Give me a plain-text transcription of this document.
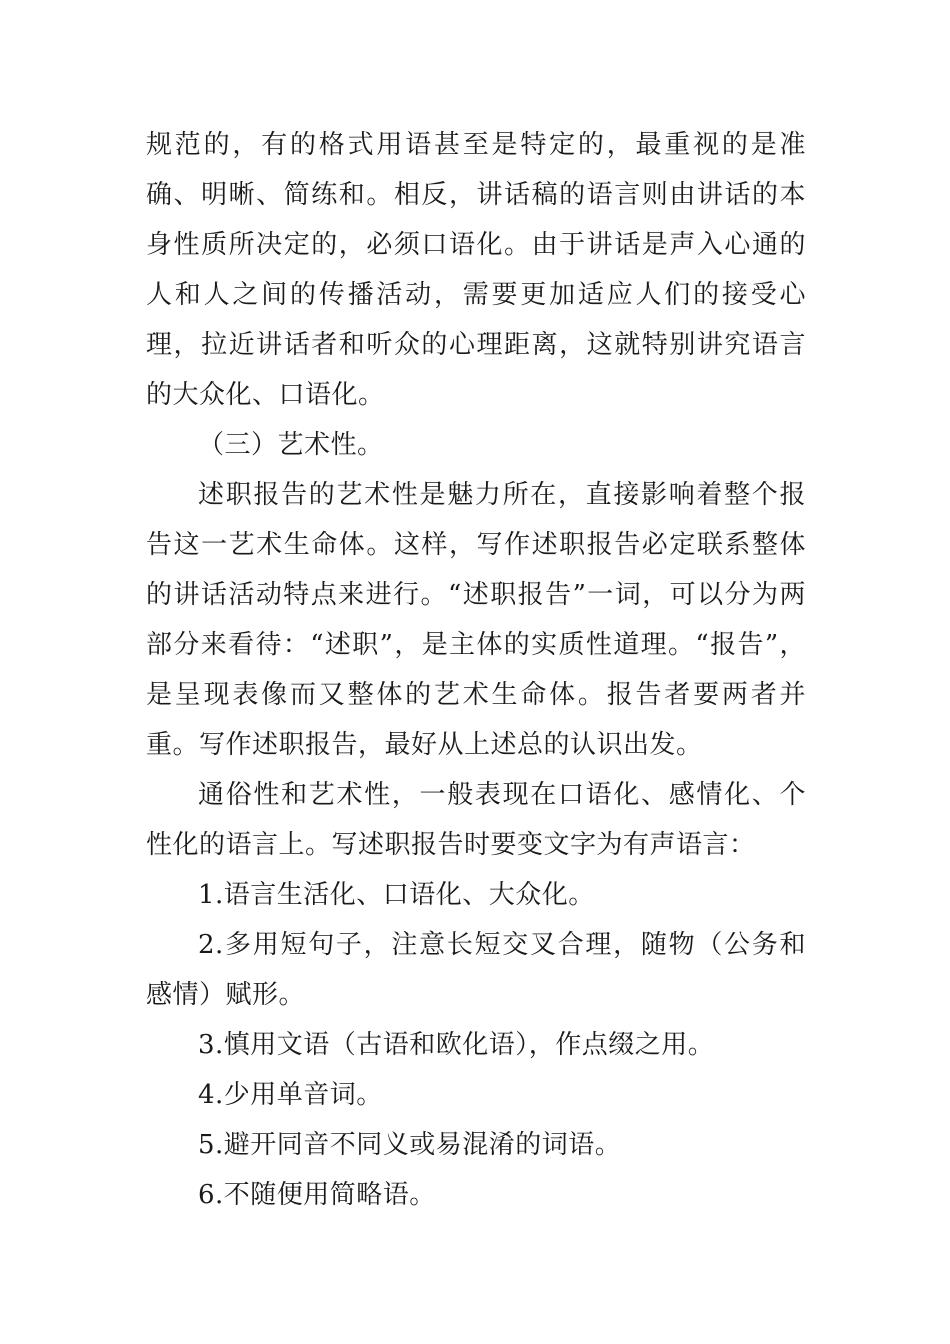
规范的，有的格式用语甚至是特定的，最重视的是准确、明晰、简练和。相反，讲话稿的语言则由讲话的本身性质所决定的，必须口语化。由于讲话是声入心通的人和人之间的传播活动，需要更加适应人们的接受心理，拉近讲话者和听众的心理距离，这就特别讲究语言的大众化、口语化。

（三）艺术性。

述职报告的艺术性是魅力所在，直接影响着整个报告这一艺术生命体。这样，写作述职报告必定联系整体的讲话活动特点来进行。“述职报告”一词，可以分为两部分来看待：“述职”，是主体的实质性道理。“报告”，是呈现表像而又整体的艺术生命体。报告者要两者并重。写作述职报告，最好从上述总的认识出发。

通俗性和艺术性，一般表现在口语化、感情化、个性化的语言上。写述职报告时要变文字为有声语言：

1.语言生活化、口语化、大众化。

2.多用短句子，注意长短交叉合理，随物（公务和感情）赋形。

3.慎用文语（古语和欧化语），作点缀之用。

4.少用单音词。

5.避开同音不同义或易混淆的词语。

6.不随便用简略语。
